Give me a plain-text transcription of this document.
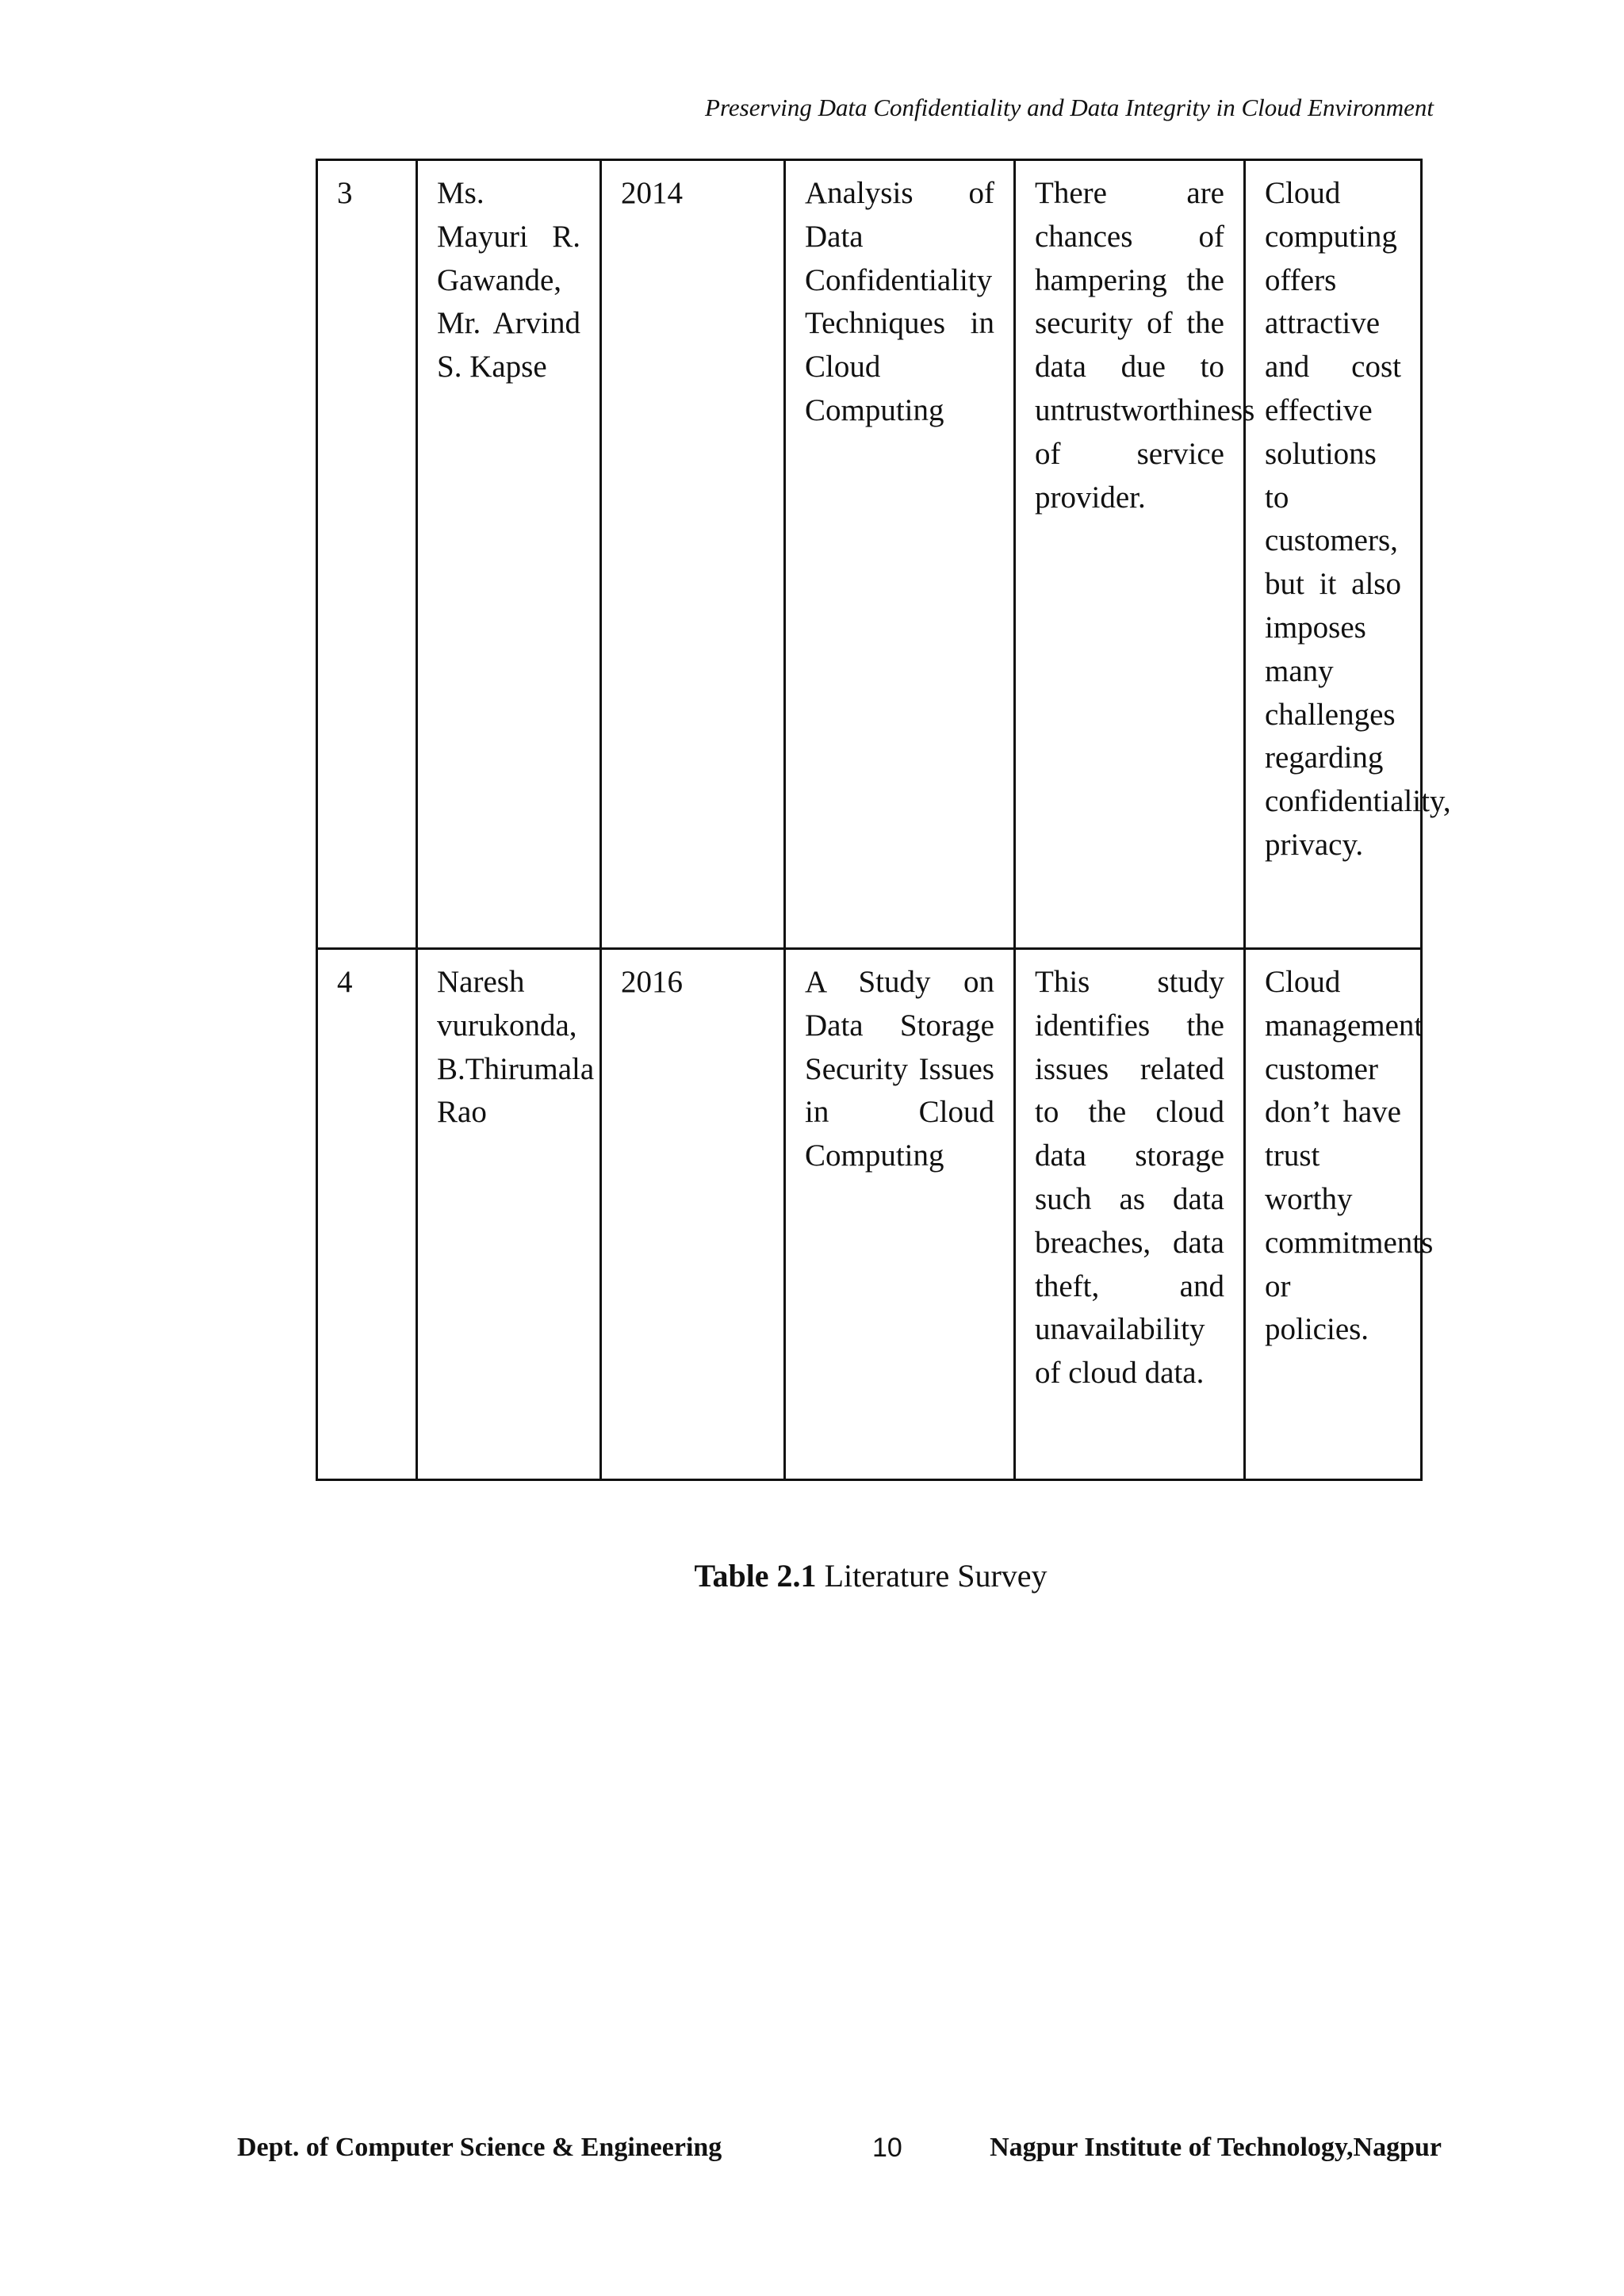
Preserving Data Confidentiality and Data Integrity in Cloud Environment

3	Ms. Mayuri R. Gawande, Mr. Arvind S. Kapse	2014	Analysis of Data Confidentiality Techniques in Cloud Computing	There are chances of hampering the security of the data due to untrustworthiness of service provider.	Cloud computing offers attractive and cost effective solutions to customers, but it also imposes many challenges regarding confidentiality, privacy.
4	Naresh vurukonda, B.Thirumala Rao	2016	A Study on Data Storage Security Issues in Cloud Computing	This study identifies the issues related to the cloud data storage such as data breaches, data theft, and unavailability of cloud data.	Cloud management customer don’t have trust worthy commitments or policies.

Table 2.1 Literature Survey

Dept. of Computer Science & Engineering	10	Nagpur Institute of Technology,Nagpur
